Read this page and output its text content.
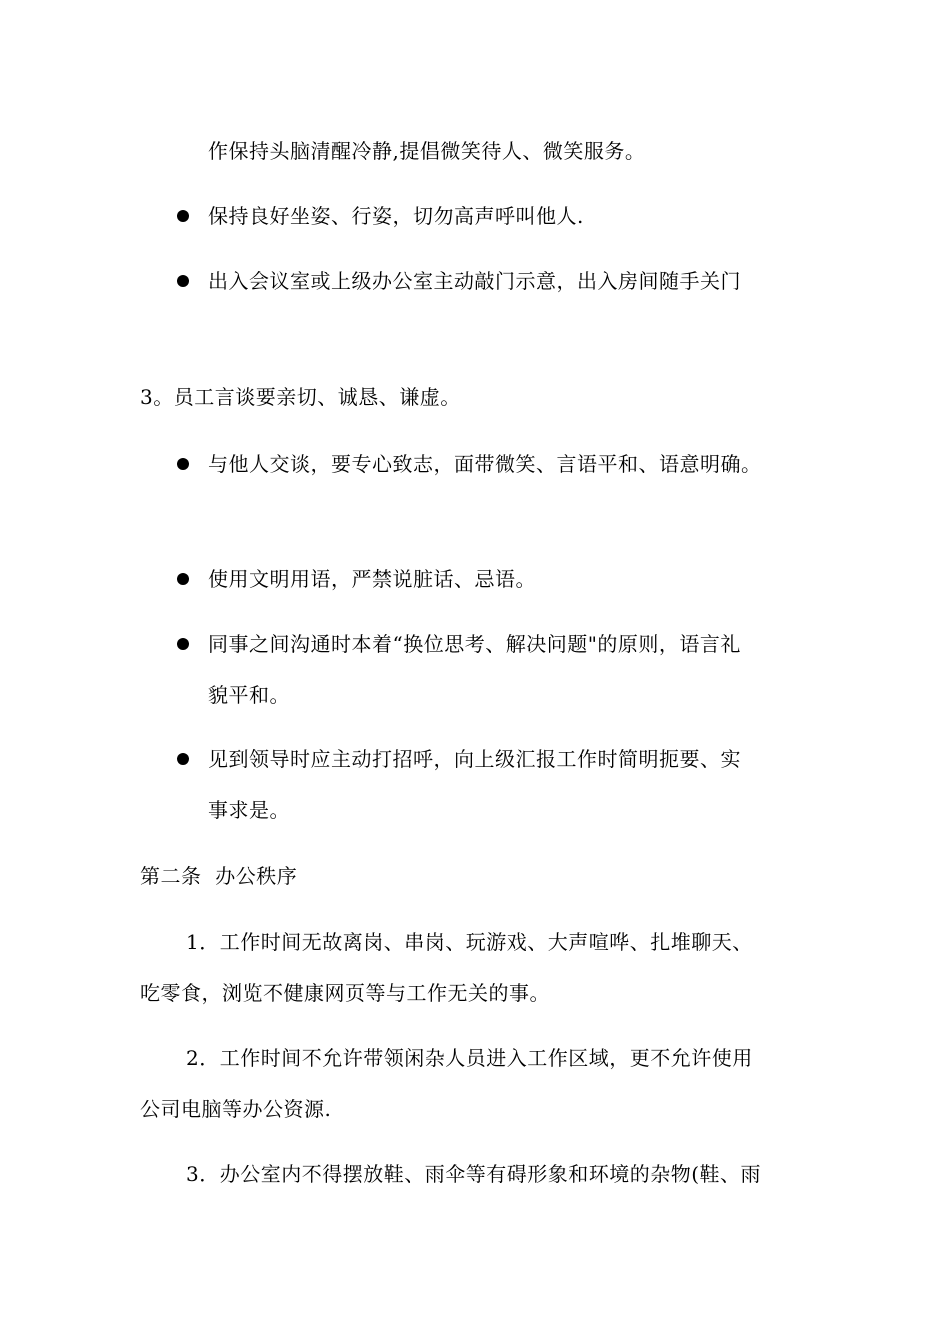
作保持头脑清醒冷静,提倡微笑待人、微笑服务。
保持良好坐姿、行姿，切勿高声呼叫他人.
出入会议室或上级办公室主动敲门示意，出入房间随手关门
3。员工言谈要亲切、诚恳、谦虚。
与他人交谈，要专心致志，面带微笑、言语平和、语意明确。
使用文明用语，严禁说脏话、忌语。
同事之间沟通时本着“换位思考、解决问题"的原则，语言礼
貌平和。
见到领导时应主动打招呼，向上级汇报工作时简明扼要、实
事求是。
第二条  办公秩序
1．工作时间无故离岗、串岗、玩游戏、大声喧哗、扎堆聊天、
吃零食，浏览不健康网页等与工作无关的事。
2．工作时间不允许带领闲杂人员进入工作区域，更不允许使用
公司电脑等办公资源.
3．办公室内不得摆放鞋、雨伞等有碍形象和环境的杂物(鞋、雨
